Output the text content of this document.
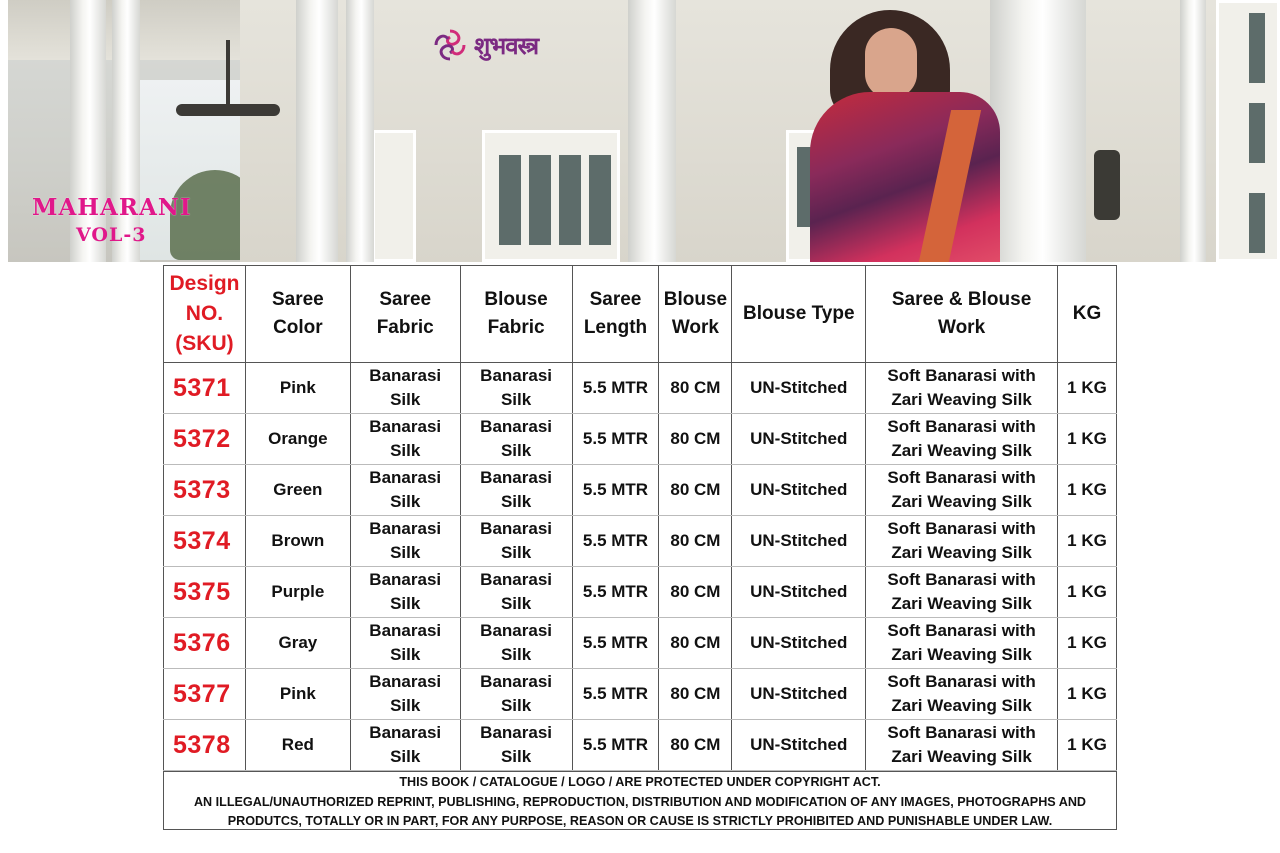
शुभवस्त्र
MAHARANI
VOL-3
Design NO. (SKU)	Saree Color	Saree Fabric	Blouse Fabric	Saree Length	Blouse Work	Blouse Type	Saree & Blouse Work	KG
5371	Pink	Banarasi Silk	Banarasi Silk	5.5 MTR	80 CM	UN-Stitched	Soft Banarasi with Zari Weaving Silk	1 KG
5372	Orange	Banarasi Silk	Banarasi Silk	5.5 MTR	80 CM	UN-Stitched	Soft Banarasi with Zari Weaving Silk	1 KG
5373	Green	Banarasi Silk	Banarasi Silk	5.5 MTR	80 CM	UN-Stitched	Soft Banarasi with Zari Weaving Silk	1 KG
5374	Brown	Banarasi Silk	Banarasi Silk	5.5 MTR	80 CM	UN-Stitched	Soft Banarasi with Zari Weaving Silk	1 KG
5375	Purple	Banarasi Silk	Banarasi Silk	5.5 MTR	80 CM	UN-Stitched	Soft Banarasi with Zari Weaving Silk	1 KG
5376	Gray	Banarasi Silk	Banarasi Silk	5.5 MTR	80 CM	UN-Stitched	Soft Banarasi with Zari Weaving Silk	1 KG
5377	Pink	Banarasi Silk	Banarasi Silk	5.5 MTR	80 CM	UN-Stitched	Soft Banarasi with Zari Weaving Silk	1 KG
5378	Red	Banarasi Silk	Banarasi Silk	5.5 MTR	80 CM	UN-Stitched	Soft Banarasi with Zari Weaving Silk	1 KG
THIS BOOK / CATALOGUE / LOGO / ARE PROTECTED UNDER COPYRIGHT ACT.
AN ILLEGAL/UNAUTHORIZED REPRINT, PUBLISHING, REPRODUCTION, DISTRIBUTION AND MODIFICATION OF ANY IMAGES, PHOTOGRAPHS AND
PRODUTCS, TOTALLY OR IN PART, FOR ANY PURPOSE, REASON OR CAUSE IS STRICTLY PROHIBITED AND PUNISHABLE UNDER LAW.
